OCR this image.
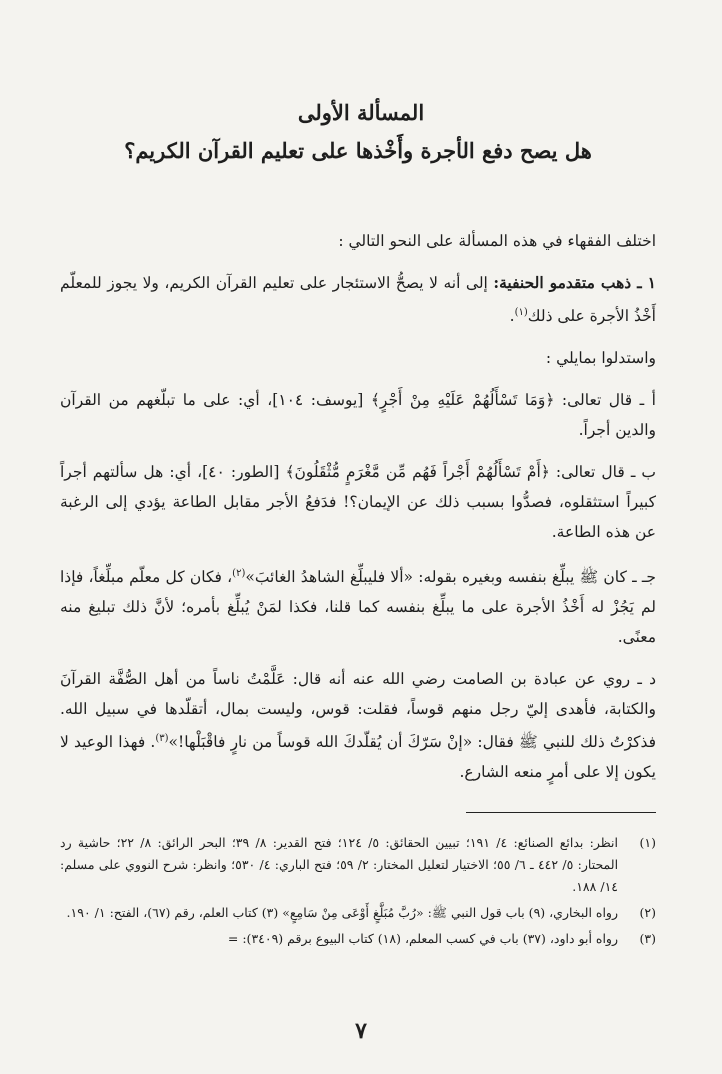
المسألة الأولى
هل يصح دفع الأجرة وأَخْذها على تعليم القرآن الكريم؟

اختلف الفقهاء في هذه المسألة على النحو التالي :

١ ـ ذهب متقدمو الحنفية: إلى أنه لا يصحُّ الاستئجار على تعليم القرآن الكريم، ولا يجوز للمعلّم أَخْذُ الأجرة على ذلك$^{(١)}$.

واستدلوا بمايلي :

أ ـ قال تعالى: ﴿وَمَا تَسْأَلُهُمْ عَلَيْهِ مِنْ أَجْرٍ﴾ [يوسف: ١٠٤]، أي: على ما تبلّغهم من القرآن والدين أجراً.

ب ـ قال تعالى: ﴿أَمْ تَسْأَلُهُمْ أَجْراً فَهُم مِّن مَّغْرَمٍ مُّثْقَلُونَ﴾ [الطور: ٤٠]، أي: هل سألتهم أجراً كبيراً استثقلوه، فصدُّوا بسبب ذلك عن الإيمان؟! فدَفعُ الأجر مقابل الطاعة يؤدي إلى الرغبة عن هذه الطاعة.

جـ ـ كان ﷺ يبلِّغ بنفسه وبغيره بقوله: «ألا فليبلِّغ الشاهدُ الغائبَ»$^{(٢)}$، فكان كل معلّم مبلِّغاً، فإذا لم يَجُزْ له أَخْذُ الأجرة على ما يبلِّغ بنفسه كما قلنا، فكذا لمَنْ يُبلِّغ بأمره؛ لأنَّ ذلك تبليغ منه معنًى.

د ـ روي عن عبادة بن الصامت رضي الله عنه أنه قال: عَلَّمْتُ ناساً من أهل الصُّفَّة القرآنَ والكتابة، فأهدى إليّ رجل منهم قوساً، فقلت: قوس، وليست بمال، أتقلّدها في سبيل الله. فذكرْتُ ذلك للنبي ﷺ فقال: «إنْ سَرّكَ أن يُقلّدكَ الله قوساً من نارٍ فاقْبَلْها!»$^{(٣)}$. فهذا الوعيد لا يكون إلا على أمرٍ منعه الشارع.

(١)
انظر: بدائع الصنائع: ٤/ ١٩١؛ تبيين الحقائق: ٥/ ١٢٤؛ فتح القدير: ٨/ ٣٩؛ البحر الرائق: ٨/ ٢٢؛ حاشية رد المحتار: ٥/ ٤٤٢ ـ ٦/ ٥٥؛ الاختيار لتعليل المختار: ٢/ ٥٩؛ فتح الباري: ٤/ ٥٣٠؛ وانظر: شرح النووي على مسلم: ١٤/ ١٨٨.
(٢)
رواه البخاري، (٩) باب قول النبي ﷺ: «رُبَّ مُبَلَّغٍ أَوْعَى مِنْ سَامِعٍ» (٣) كتاب العلم، رقم (٦٧)، الفتح: ١/ ١٩٠.
(٣)
رواه أبو داود، (٣٧) باب في كسب المعلم، (١٨) كتاب البيوع برقم (٣٤٠٩): =
٧
